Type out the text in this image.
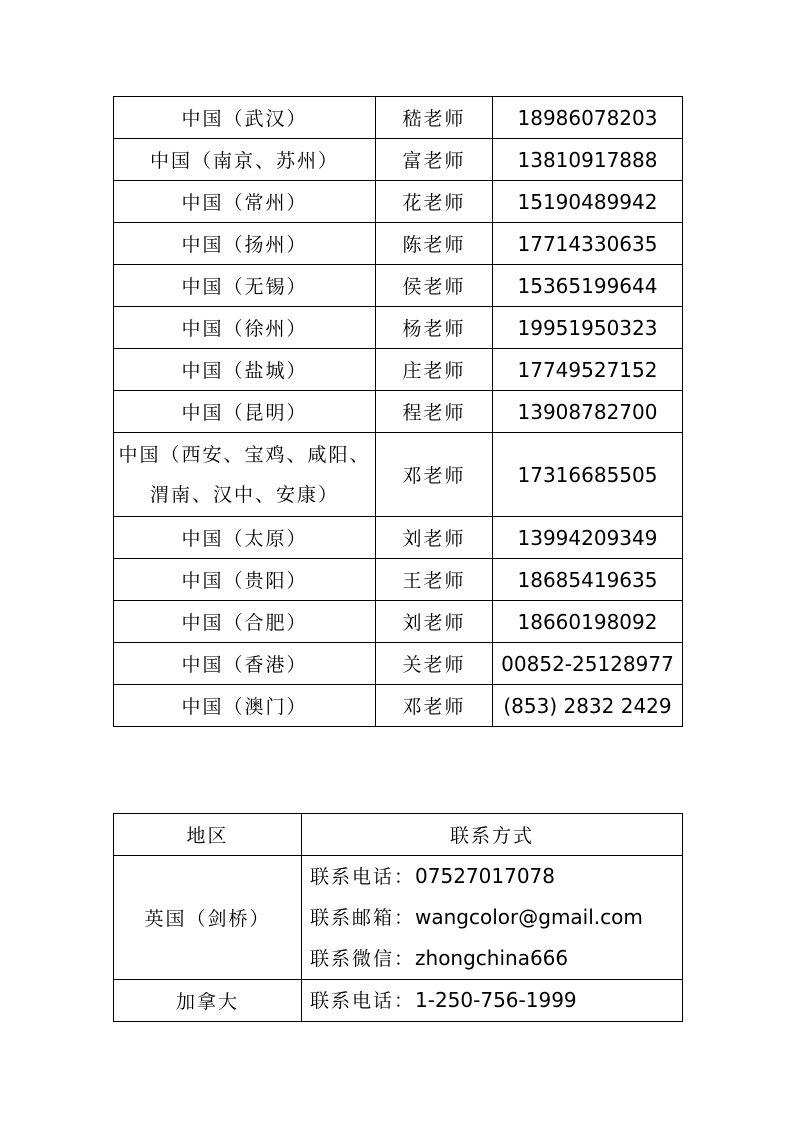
中国（武汉）	嵇老师	18986078203
中国（南京、苏州）	富老师	13810917888
中国（常州）	花老师	15190489942
中国（扬州）	陈老师	17714330635
中国（无锡）	侯老师	15365199644
中国（徐州）	杨老师	19951950323
中国（盐城）	庄老师	17749527152
中国（昆明）	程老师	13908782700

中国（西安、宝鸡、咸阳、
渭南、汉中、安康）	邓老师	17316685505
中国（太原）	刘老师	13994209349
中国（贵阳）	王老师	18685419635
中国（合肥）	刘老师	18660198092
中国（香港）	关老师	00852-25128977
中国（澳门）	邓老师	(853) 2832 2429
地区	联系方式
英国（剑桥）	联系电话：07527017078
联系邮箱：wangcolor@gmail.com
联系微信：zhongchina666

加拿大	联系电话：1-250-756-1999
